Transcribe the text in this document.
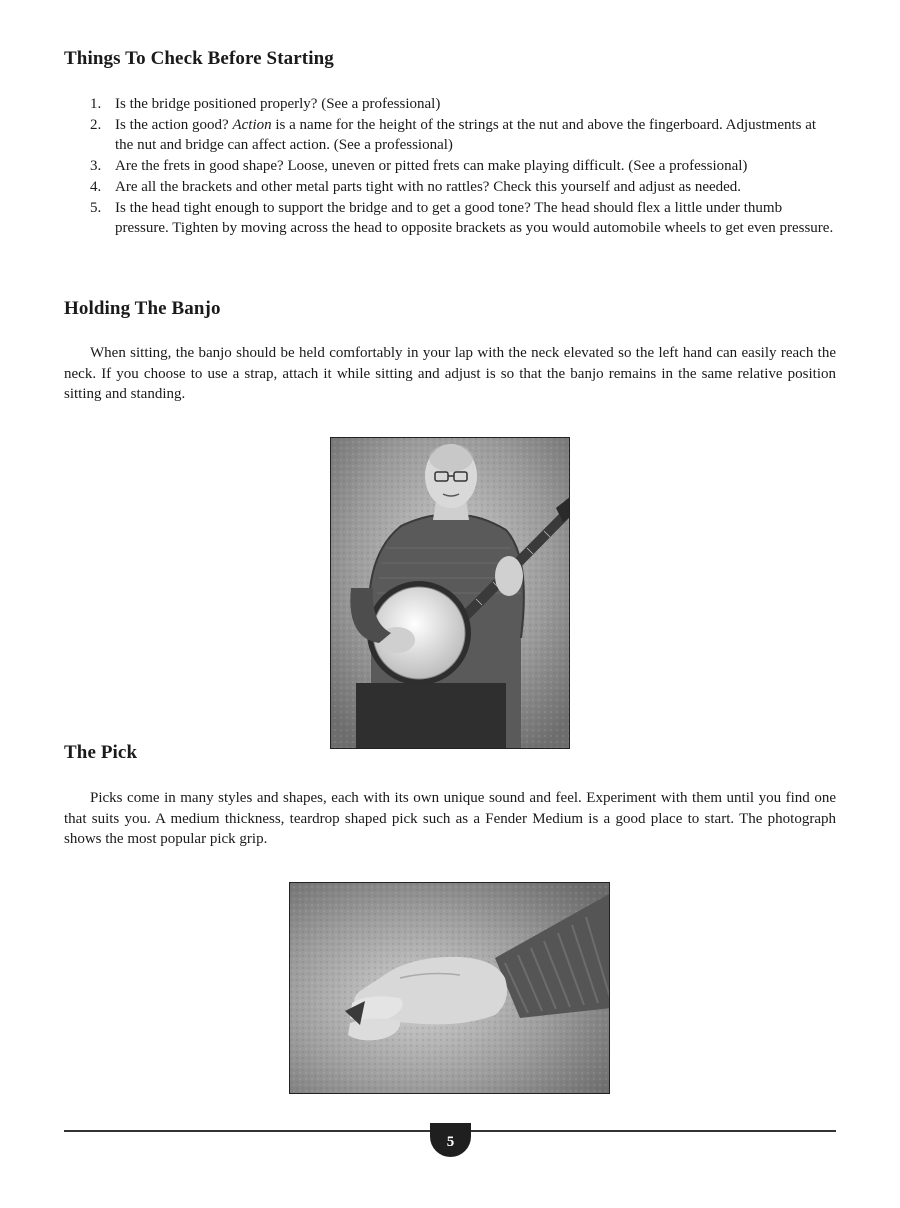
Things To Check Before Starting
1. Is the bridge positioned properly? (See a professional)
2. Is the action good? Action is a name for the height of the strings at the nut and above the fingerboard. Adjustments at the nut and bridge can affect action. (See a professional)
3. Are the frets in good shape? Loose, uneven or pitted frets can make playing difficult. (See a professional)
4. Are all the brackets and other metal parts tight with no rattles? Check this yourself and adjust as needed.
5. Is the head tight enough to support the bridge and to get a good tone? The head should flex a little under thumb pressure. Tighten by moving across the head to opposite brackets as you would automobile wheels to get even pressure.
Holding The Banjo

When sitting, the banjo should be held comfortably in your lap with the neck elevated so the left hand can easily reach the neck. If you choose to use a strap, attach it while sitting and adjust is so that the banjo remains in the same relative position sitting and standing.

The Pick

Picks come in many styles and shapes, each with its own unique sound and feel. Experiment with them until you find one that suits you. A medium thickness, teardrop shaped pick such as a Fender Medium is a good place to start. The photograph shows the most popular pick grip.

5
